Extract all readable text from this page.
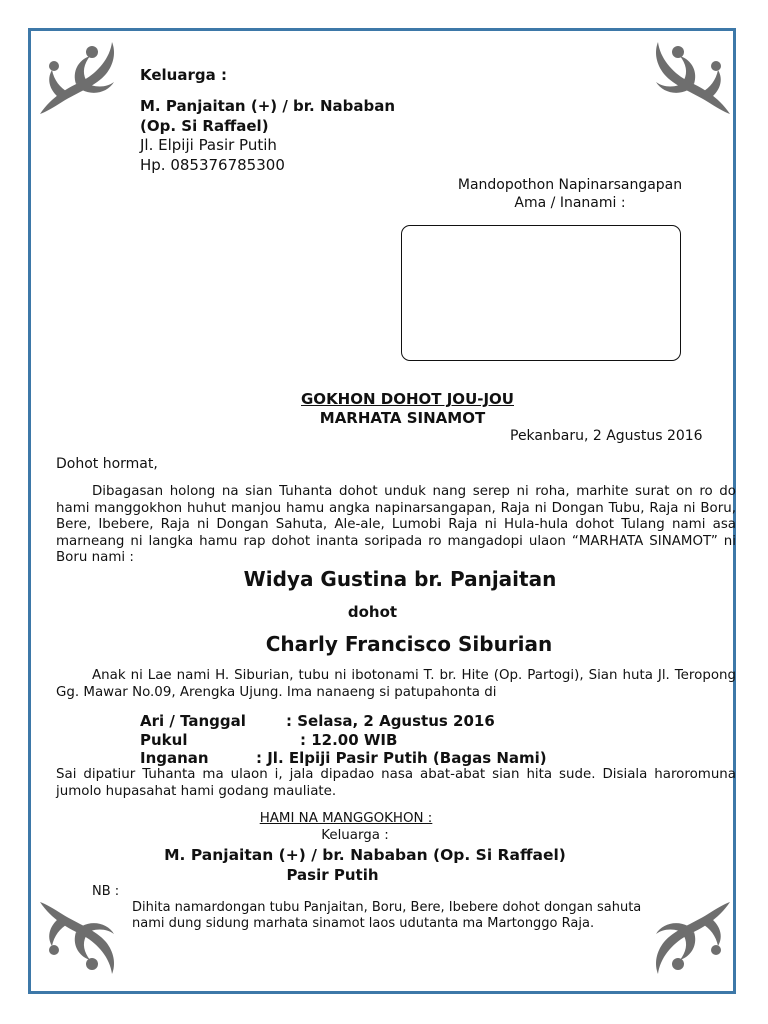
Keluarga :
M. Panjaitan (+) / br. Nababan
(Op. Si Raffael)
Jl. Elpiji Pasir Putih
Hp. 085376785300
Mandopothon Napinarsangapan
Ama / Inanami :
GOKHON DOHOT JOU-JOU
MARHATA SINAMOT
Pekanbaru, 2 Agustus 2016
Dohot hormat,

Dibagasan holong na sian Tuhanta dohot unduk nang serep ni roha, marhite surat on ro do hami manggokhon huhut manjou hamu angka napinarsangapan, Raja ni Dongan Tubu, Raja ni Boru, Bere, Ibebere, Raja ni Dongan Sahuta, Ale-ale, Lumobi Raja ni Hula-hula dohot Tulang nami asa marneang ni langka hamu rap dohot inanta soripada ro mangadopi ulaon “MARHATA SINAMOT” ni Boru nami :

Widya Gustina br. Panjaitan
dohot
Charly Francisco Siburian

Anak ni Lae nami H. Siburian, tubu ni ibotonami T. br. Hite (Op. Partogi), Sian huta Jl. Teropong Gg. Mawar No.09, Arengka Ujung. Ima nanaeng si patupahonta di

Ari / Tanggal	: Selasa, 2 Agustus 2016
Pukul	: 12.00 WIB
Inganan	: Jl. Elpiji Pasir Putih (Bagas Nami)

Sai dipatiur Tuhanta ma ulaon i, jala dipadao nasa abat-abat sian hita sude. Disiala haroromuna jumolo hupasahat hami godang mauliate.

HAMI NA MANGGOKHON :
Keluarga :
M. Panjaitan (+) / br. Nababan (Op. Si Raffael)
Pasir Putih
NB :

Dihita namardongan tubu Panjaitan, Boru, Bere, Ibebere dohot dongan sahuta nami dung sidung marhata sinamot laos udutanta ma Martonggo Raja.
